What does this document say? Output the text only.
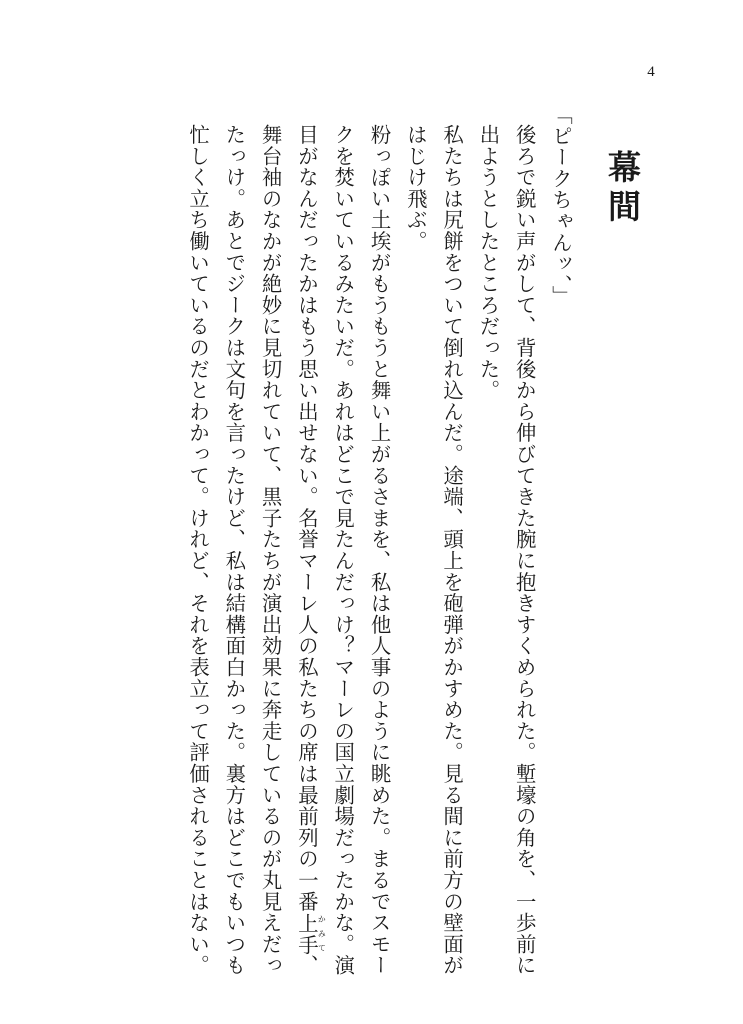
4
幕間

「ピークちゃんッ、」

後ろで鋭い声がして、背後から伸びてきた腕に抱きすくめられた。塹壕の角を、一歩前に出ようとしたところだった。

私たちは尻餅をついて倒れ込んだ。途端、頭上を砲弾がかすめた。見る間に前方の壁面がはじけ飛ぶ。

粉っぽい土埃がもうもうと舞い上がるさまを、私は他人事のように眺めた。まるでスモークを焚いているみたいだ。あれはどこで見たんだっけ？マーレの国立劇場だったかな。演目がなんだったかはもう思い出せない。名誉マーレ人の私たちの席は最前列の一番上手かみて、舞台袖のなかが絶妙に見切れていて、黒子たちが演出効果に奔走しているのが丸見えだったっけ。あとでジークは文句を言ったけど、私は結構面白かった。裏方はどこでもいつも忙しく立ち働いているのだとわかって。けれど、それを表立って評価されることはない。
